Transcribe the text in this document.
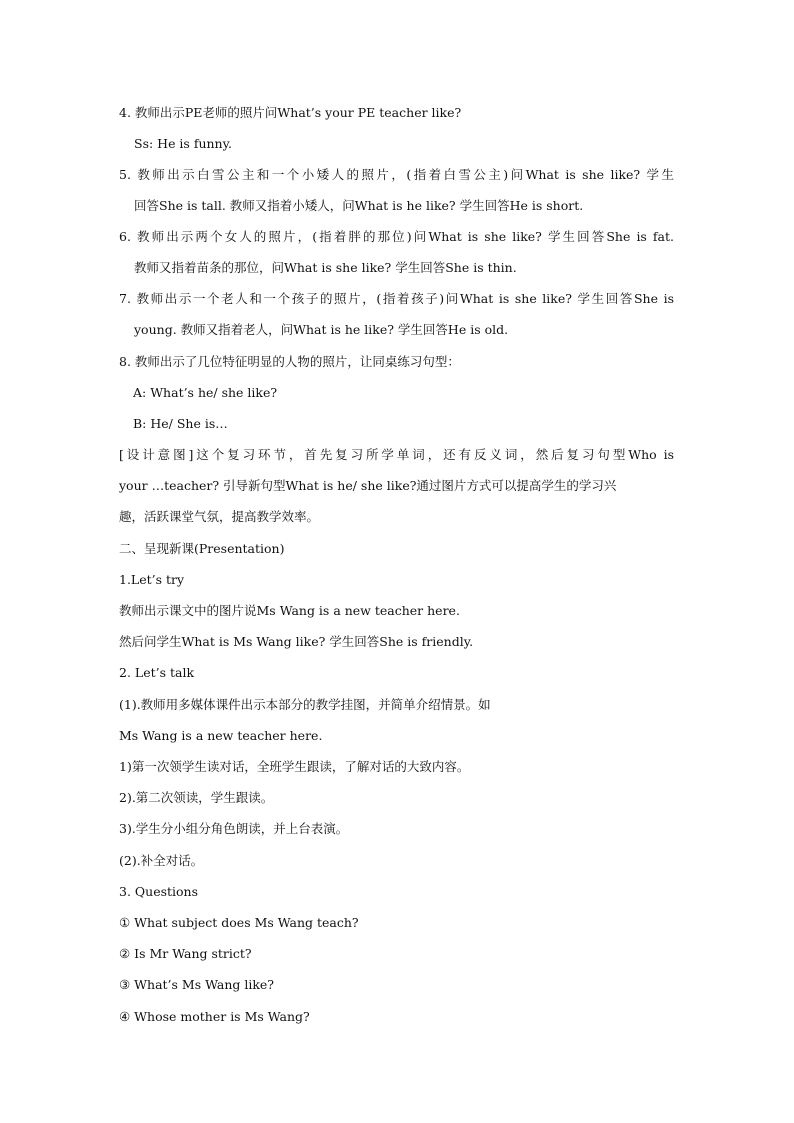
4. 教师出示PE老师的照片问What’s your PE teacher like?
Ss: He is funny.
5. 教师出示白雪公主和一个小矮人的照片，(指着白雪公主)问What is she like? 学生
回答She is tall. 教师又指着小矮人，问What is he like? 学生回答He is short.
6. 教师出示两个女人的照片，(指着胖的那位)问What is she like? 学生回答She is fat.
教师又指着苗条的那位，问What is she like? 学生回答She is thin.
7. 教师出示一个老人和一个孩子的照片，(指着孩子)问What is she like? 学生回答She is
young. 教师又指着老人，问What is he like? 学生回答He is old.
8. 教师出示了几位特征明显的人物的照片，让同桌练习句型：
A: What’s he/ she like?
B: He/ She is…
[设计意图]这个复习环节，首先复习所学单词，还有反义词，然后复习句型Who is
your …teacher? 引导新句型What is he/ she like?通过图片方式可以提高学生的学习兴
趣，活跃课堂气氛，提高教学效率。
二、呈现新课(Presentation)
1.Let’s try
教师出示课文中的图片说Ms Wang is a new teacher here.
然后问学生What is Ms Wang like? 学生回答She is friendly.
2. Let’s talk
(1).教师用多媒体课件出示本部分的教学挂图，并简单介绍情景。如
Ms Wang is a new teacher here.
1)第一次领学生读对话，全班学生跟读，了解对话的大致内容。
2).第二次领读，学生跟读。
3).学生分小组分角色朗读，并上台表演。
(2).补全对话。
3. Questions
① What subject does Ms Wang teach?
② Is Mr Wang strict?
③ What’s Ms Wang like?
④ Whose mother is Ms Wang?
